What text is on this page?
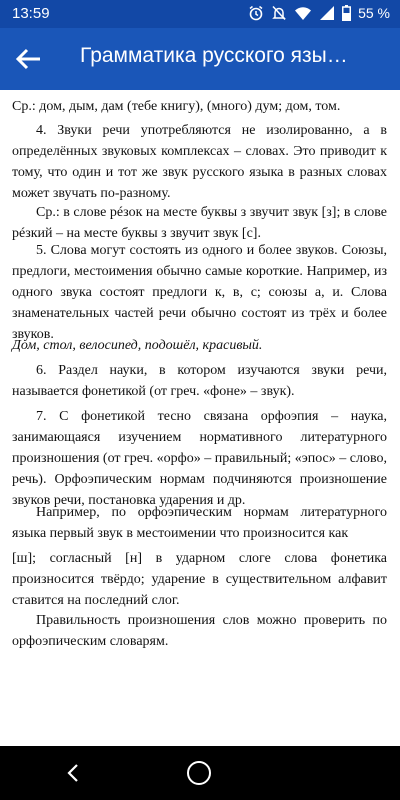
13:59	55 %
Грамматика русского язы…

Ср.: дом, дым, дам (тебе книгу), (много) дум; дом, том.

4. Звуки речи употребляются не изолированно, а в определённых звуковых комплексах – словах. Это приводит к тому, что один и тот же звук русского языка в разных словах может звучать по-разному.

Ср.: в слове рéзок на месте буквы з звучит звук [з]; в слове рéзкий – на месте буквы з звучит звук [с].

5. Слова могут состоять из одного и более звуков. Союзы, предлоги, местоимения обычно самые короткие. Например, из одного звука состоят предлоги к, в, с; союзы а, и. Слова знаменательных частей речи обычно состоят из трёх и более звуков.

Дом, стол, велосипед, подошёл, красивый.

6. Раздел науки, в котором изучаются звуки речи, называется фонетикой (от греч. «фоне» – звук).

7. С фонетикой тесно связана орфоэпия – наука, занимающаяся изучением нормативного литературного произношения (от греч. «орфо» – правильный; «эпос» – слово, речь). Орфоэпическим нормам подчиняются произношение звуков речи, постановка ударения и др.

Например, по орфоэпическим нормам литературного языка первый звук в местоимении что произносится как

[ш]; согласный [н] в ударном слоге слова фонетика произносится твёрдо; ударение в существительном алфавит ставится на последний слог.

Правильность произношения слов можно проверить по орфоэпическим словарям.
